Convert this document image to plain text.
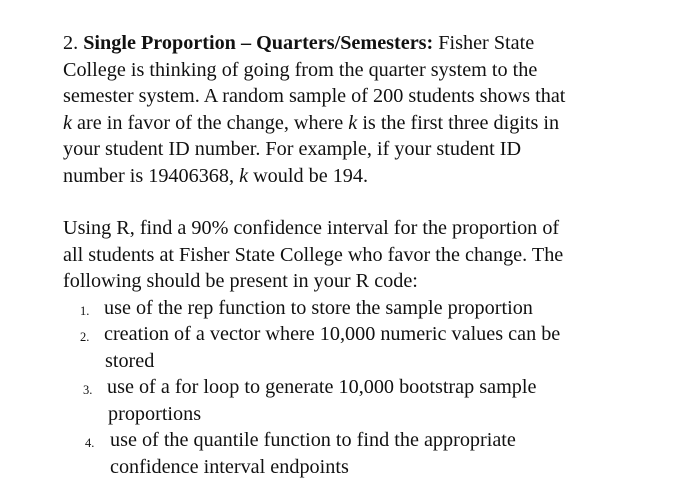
2. Single Proportion – Quarters/Semesters: Fisher State
College is thinking of going from the quarter system to the
semester system. A random sample of 200 students shows that
k are in favor of the change, where k is the first three digits in
your student ID number. For example, if your student ID
number is 19406368, k would be 194.

Using R, find a 90% confidence interval for the proportion of
all students at Fisher State College who favor the change. The
following should be present in your R code:

1. use of the rep function to store the sample proportion
2. creation of a vector where 10,000 numeric values can be
stored
3. use of a for loop to generate 10,000 bootstrap sample
proportions
4. use of the quantile function to find the appropriate
confidence interval endpoints
